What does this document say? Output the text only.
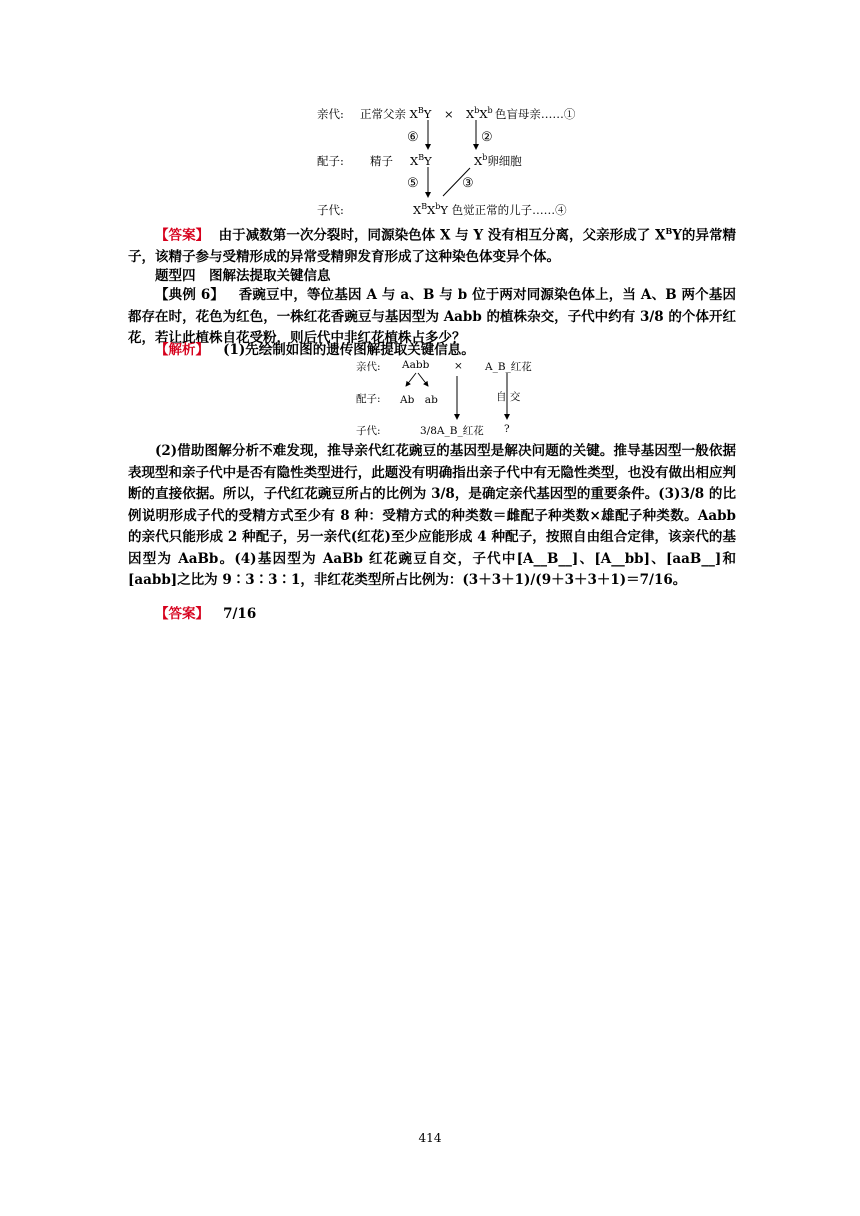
亲代: 正常父亲 $X^BY \times X^bX^b$  色盲母亲……①
⑥	②
配子: 精子 $X^BY$	$X^b$卵细胞
⑤	③
子代:	$X^BX^bY$ 色觉正常的儿子……④
【答案】 由于减数第一次分裂时，同源染色体 X 与 Y 没有相互分离，父亲形成了 $X^BY$的异常精子，该精子参与受精形成的异常受精卵发育形成了这种染色体变异个体。
题型四　图解法提取关键信息
【典例 6】 香豌豆中，等位基因 A 与 a、B 与 b 位于两对同源染色体上，当 A、B 两个基因都存在时，花色为红色，一株红花香豌豆与基因型为 Aabb 的植株杂交，子代中约有 3/8 的个体开红花，若让此植株自花受粉，则后代中非红花植株占多少？
【解析】 (1)先绘制如图的遗传图解提取关键信息。
亲代: Aabb × A_B_红花
配子: Ab　ab	自 交
子代:	3/8A_B_红花 ?
(2)借助图解分析不难发现，推导亲代红花豌豆的基因型是解决问题的关键。推导基因型一般依据表现型和亲子代中是否有隐性类型进行，此题没有明确指出亲子代中有无隐性类型，也没有做出相应判断的直接依据。所以，子代红花豌豆所占的比例为 3/8，是确定亲代基因型的重要条件。(3)3/8 的比例说明形成子代的受精方式至少有 8 种：受精方式的种类数＝雌配子种类数×雄配子种类数。Aabb 的亲代只能形成 2 种配子，另一亲代(红花)至少应能形成 4 种配子，按照自由组合定律，该亲代的基因型为 AaBb。(4)基因型为 AaBb 红花豌豆自交，子代中[A__B__]、[A__bb]、[aaB__]和[aabb]之比为 9∶3∶3∶1，非红花类型所占比例为：(3＋3＋1)/(9＋3＋3＋1)＝7/16。
【答案】 7/16
414
